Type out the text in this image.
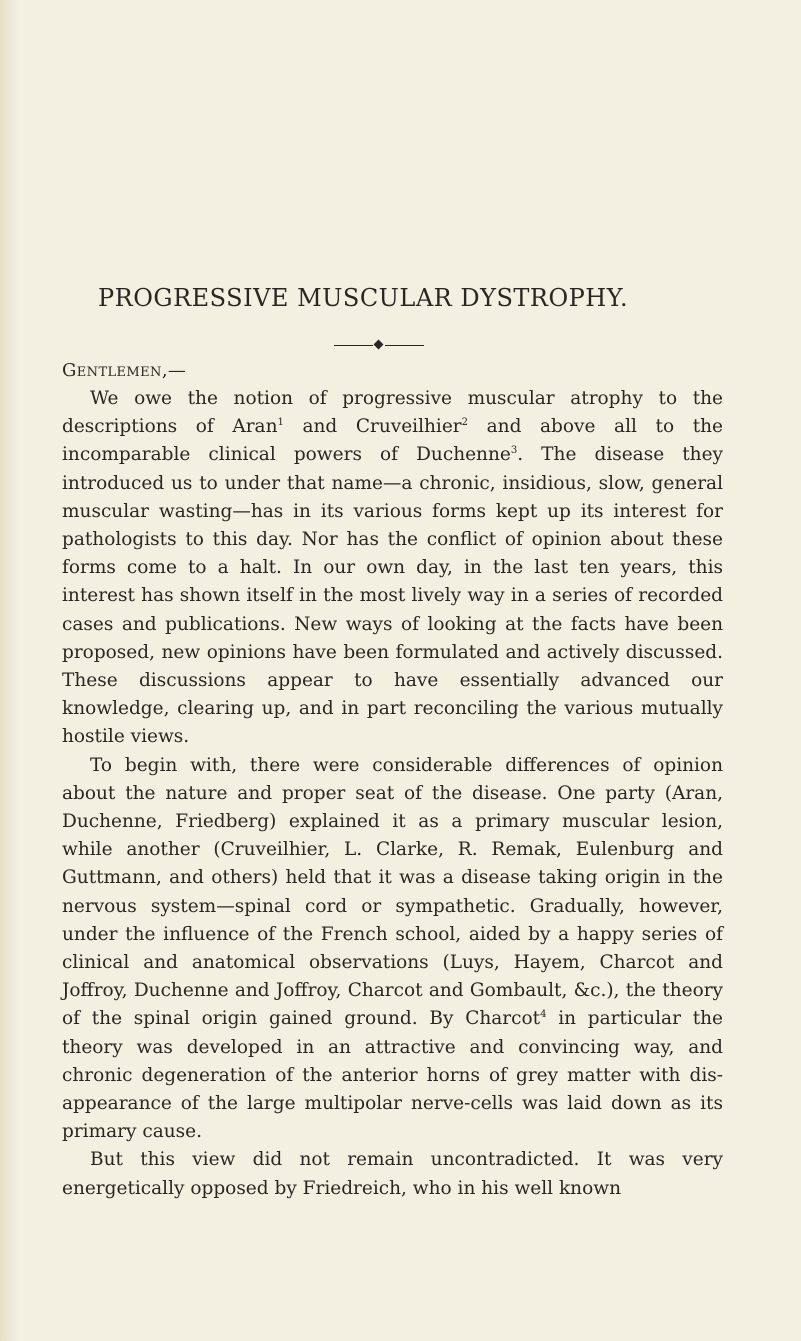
PROGRESSIVE MUSCULAR DYSTROPHY.
Gentlemen,—

We owe the notion of progressive muscular atrophy to the descriptions of Aran$^1$ and Cruveilhier$^2$ and above all to the incomparable clinical powers of Duchenne$^3$. The disease they introduced us to under that name—a chronic, insidious, slow, general muscular wasting—has in its various forms kept up its interest for pathologists to this day. Nor has the conflict of opinion about these forms come to a halt. In our own day, in the last ten years, this interest has shown itself in the most lively way in a series of recorded cases and publications. New ways of looking at the facts have been proposed, new opinions have been formulated and actively discussed. These discussions appear to have essentially advanced our knowledge, clearing up, and in part reconciling the various mutually hostile views.

To begin with, there were considerable differences of opinion about the nature and proper seat of the disease. One party (Aran, Duchenne, Friedberg) explained it as a primary muscular lesion, while another (Cruveilhier, L. Clarke, R. Remak, Eulenburg and Guttmann, and others) held that it was a disease taking origin in the nervous system—spinal cord or sympathetic. Gradually, however, under the influence of the French school, aided by a happy series of clinical and anatomical observations (Luys, Hayem, Charcot and Joffroy, Duchenne and Joffroy, Charcot and Gombault, &c.), the theory of the spinal origin gained ground. By Charcot$^4$ in particular the theory was developed in an attractive and convincing way, and chronic degeneration of the anterior horns of grey matter with dis-appearance of the large multipolar nerve-cells was laid down as its primary cause.

But this view did not remain uncontradicted. It was very energetically opposed by Friedreich, who in his well known
